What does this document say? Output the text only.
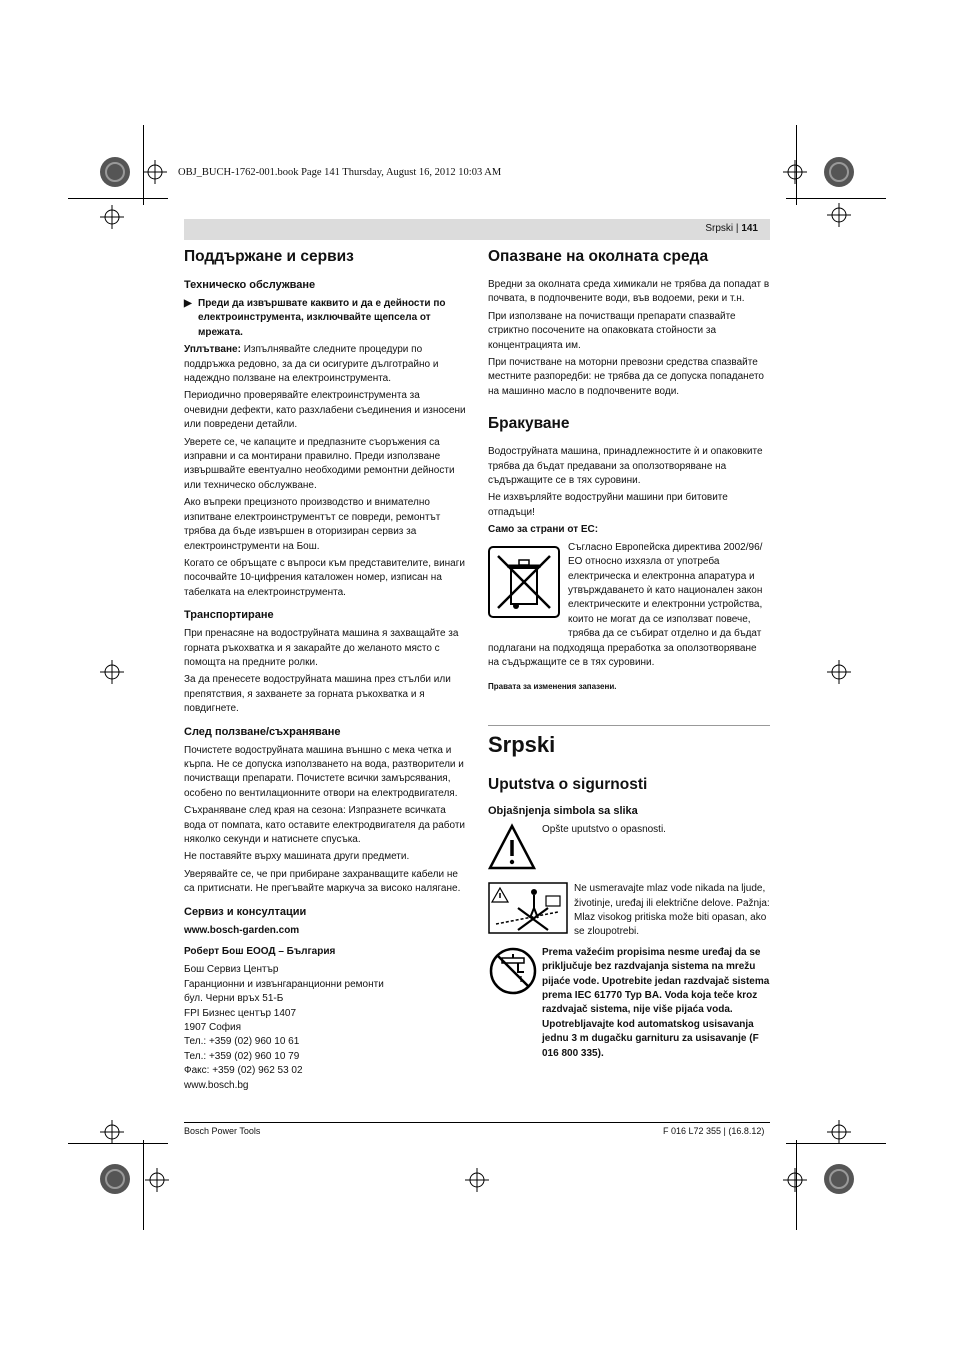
OBJ_BUCH-1762-001.book Page 141 Thursday, August 16, 2012 10:03 AM
Srpski | 141
Поддържане и сервиз
Техническо обслужване
▶ Преди да извършвате каквито и да е дейности по електроинструмента, изключвайте щепсела от мрежата.

Уплътване: Изпълнявайте следните процедури по поддръжка редовно, за да си осигурите дълготрайно и надеждно ползване на електроинструмента.

Периодично проверявайте електроинструмента за очевидни дефекти, като разхлабени съединения и износени или повредени детайли.

Уверете се, че капаците и предпазните съоръжения са изправни и са монтирани правилно. Преди използване извършвайте евентуално необходими ремонтни дейности или техническо обслужване.

Ако въпреки прецизното производство и внимателно изпитване електроинструментът се повреди, ремонтът трябва да бъде извършен в оторизиран сервиз за електроинструменти на Бош.

Когато се обръщате с въпроси към представителите, винаги посочвайте 10-цифрения каталожен номер, изписан на табелката на електроинструмента.

Транспортиране

При пренасяне на водоструйната машина я захващайте за горната ръкохватка и я закарайте до желаното място с помощта на предните ролки.

За да пренесете водоструйната машина през стълби или препятствия, я захванете за горната ръкохватка и я повдигнете.

След ползване/съхраняване

Почистете водоструйната машина външно с мека четка и кърпа. Не се допуска използването на вода, разтворители и почистващи препарати. Почистете всички замърсявания, особено по вентилационните отвори на електродвигателя.

Съхраняване след края на сезона: Изпразнете всичката вода от помпата, като оставите електродвигателя да работи няколко секунди и натиснете спусъка.

Не поставяйте върху машината други предмети.

Уверявайте се, че при прибиране захранващите кабели не са притиснати. Не прегъвайте маркуча за високо налягане.

Сервиз и консултации

www.bosch-garden.com

Роберт Бош ЕООД – България

Бош Сервиз Център
Гаранционни и извънгаранционни ремонти
бул. Черни връх 51-Б
FPI Бизнес център 1407
1907 София
Тел.: +359 (02) 960 10 61
Тел.: +359 (02) 960 10 79
Факс: +359 (02) 962 53 02
www.bosch.bg
Опазване на околната среда

Вредни за околната среда химикали не трябва да попадат в почвата, в подпочвените води, във водоеми, реки и т.н.

При използване на почистващи препарати спазвайте стриктно посочените на опаковката стойности за концентрацията им.

При почистване на моторни превозни средства спазвайте местните разпоредби: не трябва да се допуска попадането на машинно масло в подпочвените води.

Бракуване

Водоструйната машина, принадлежностите ѝ и опаковките трябва да бъдат предавани за оползотворяване на съдържащите се в тях суровини.

Не изхвърляйте водоструйни машини при битовите отпадъци!

Само за страни от ЕС:

Съгласно Европейска директива 2002/96/ЕО относно изхязла от употреба електрическа и електронна апаратура и утвърждаването ѝ като национален закон електрическите и електронни устройства, които не могат да се използват повече, трябва да се събират отделно и да бъдат

подлагани на подходяща преработка за оползотворяване на съдържащите се в тях суровини.

Правата за изменения запазени.

Srpski
Uputstva o sigurnosti
Objašnjenja simbola sa slika
Opšte uputstvo o opasnosti.
Ne usmeravajte mlaz vode nikada na ljude, životinje, uređaj ili električne delove. Pažnja: Mlaz visokog pritiska može biti opasan, ako se zloupotrebi.
Prema važećim propisima nesme uređaj da se priključuje bez razdvajanja sistema na mrežu pijaće vode. Upotrebite jedan razdvajač sistema prema IEC 61770 Typ BA. Voda koja teče kroz razdvajač sistema, nije više pijaća voda. Upotrebljavajte kod automatskog usisavanja jednu 3 m dugačku garnituru za usisavanje (F 016 800 335).
Bosch Power Tools	F 016 L72 355 | (16.8.12)
